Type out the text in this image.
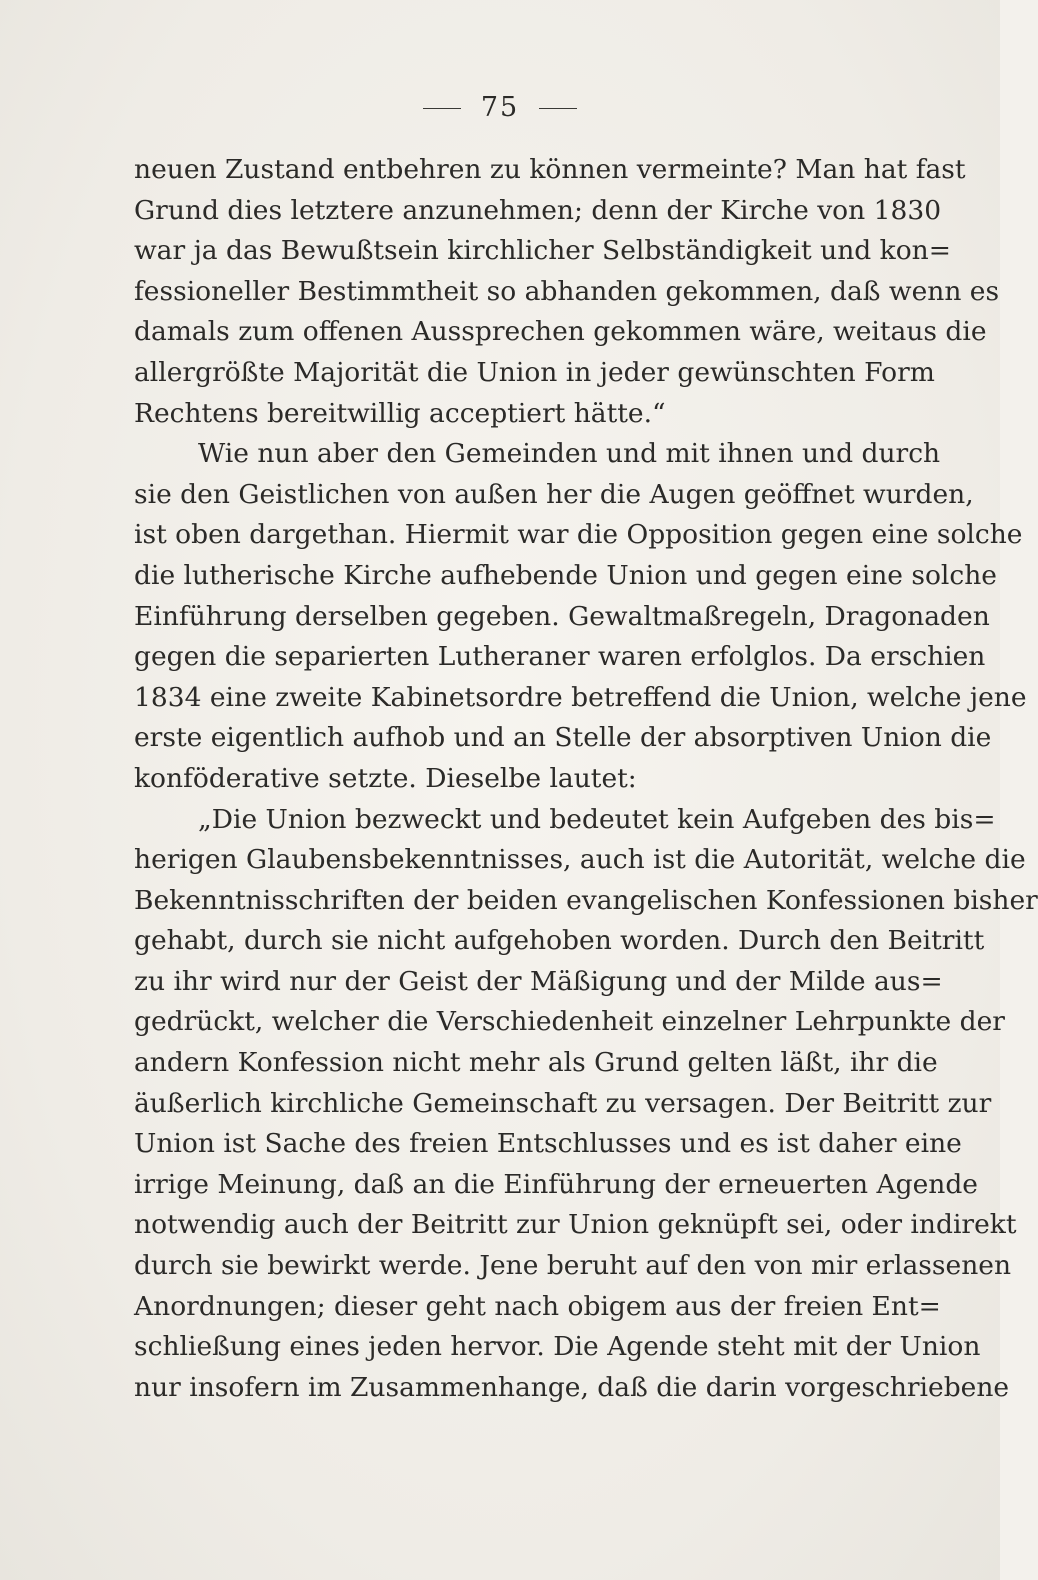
75
neuen Zustand entbehren zu können vermeinte? Man hat fast
Grund dies letztere anzunehmen; denn der Kirche von 1830
war ja das Bewußtsein kirchlicher Selbständigkeit und kon=
fessioneller Bestimmtheit so abhanden gekommen, daß wenn es
damals zum offenen Aussprechen gekommen wäre, weitaus die
allergrößte Majorität die Union in jeder gewünschten Form
Rechtens bereitwillig acceptiert hätte.“
Wie nun aber den Gemeinden und mit ihnen und durch
sie den Geistlichen von außen her die Augen geöffnet wurden,
ist oben dargethan. Hiermit war die Opposition gegen eine solche
die lutherische Kirche aufhebende Union und gegen eine solche
Einführung derselben gegeben. Gewaltmaßregeln, Dragonaden
gegen die separierten Lutheraner waren erfolglos. Da erschien
1834 eine zweite Kabinetsordre betreffend die Union, welche jene
erste eigentlich aufhob und an Stelle der absorptiven Union die
konföderative setzte. Dieselbe lautet:
„Die Union bezweckt und bedeutet kein Aufgeben des bis=
herigen Glaubensbekenntnisses, auch ist die Autorität, welche die
Bekenntnisschriften der beiden evangelischen Konfessionen bisher
gehabt, durch sie nicht aufgehoben worden. Durch den Beitritt
zu ihr wird nur der Geist der Mäßigung und der Milde aus=
gedrückt, welcher die Verschiedenheit einzelner Lehrpunkte der
andern Konfession nicht mehr als Grund gelten läßt, ihr die
äußerlich kirchliche Gemeinschaft zu versagen. Der Beitritt zur
Union ist Sache des freien Entschlusses und es ist daher eine
irrige Meinung, daß an die Einführung der erneuerten Agende
notwendig auch der Beitritt zur Union geknüpft sei, oder indirekt
durch sie bewirkt werde. Jene beruht auf den von mir erlassenen
Anordnungen; dieser geht nach obigem aus der freien Ent=
schließung eines jeden hervor. Die Agende steht mit der Union
nur insofern im Zusammenhange, daß die darin vorgeschriebene
